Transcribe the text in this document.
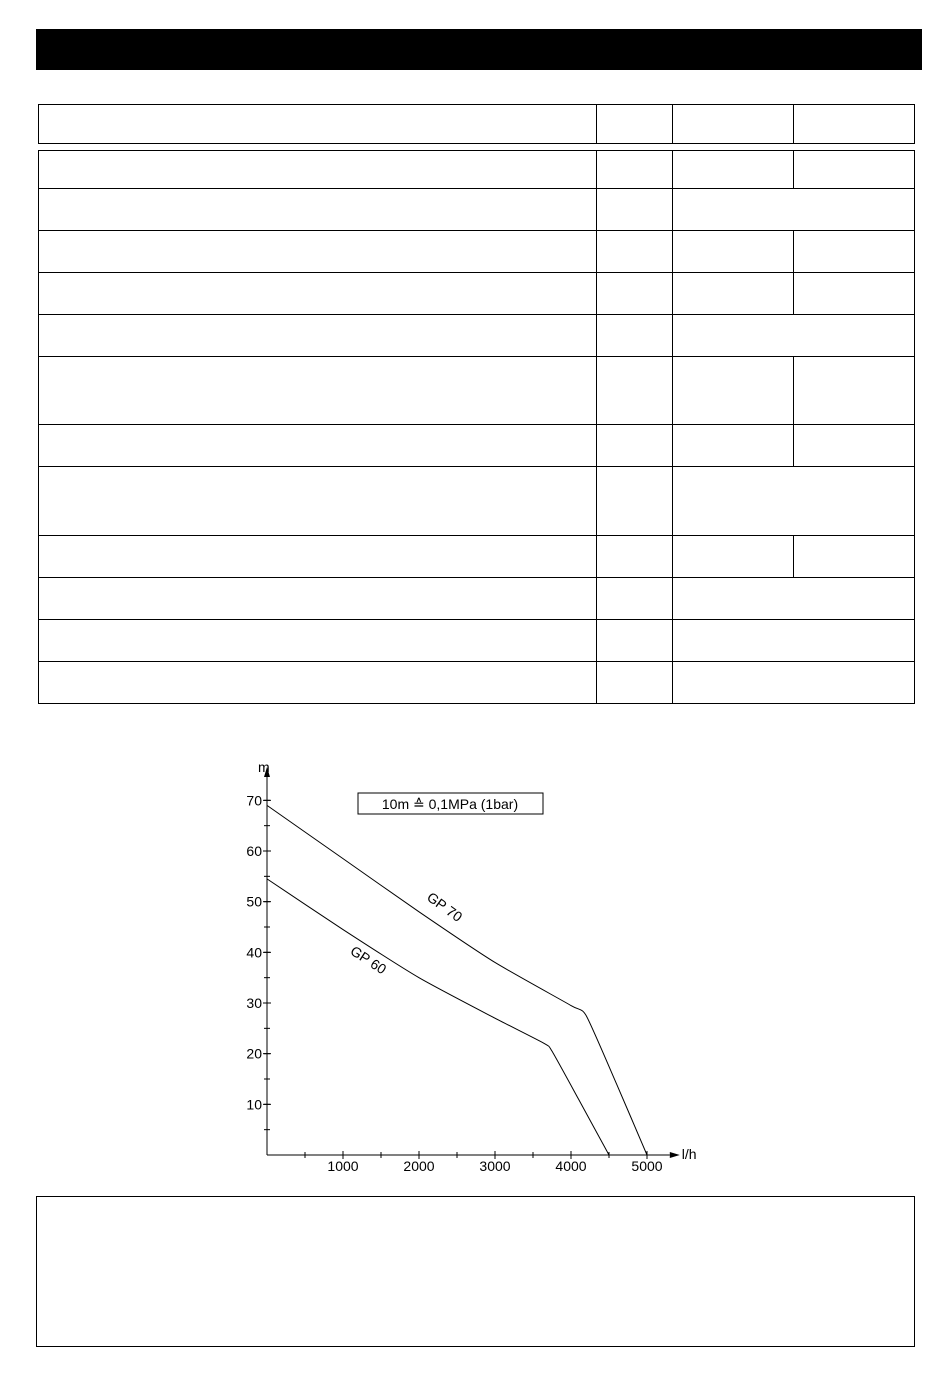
l/h
m
1000	2000	3000	4000	5000
10
20
30
40
50
60
70	10m ≙ 0,1MPa (1bar)
GP 70
GP 60
